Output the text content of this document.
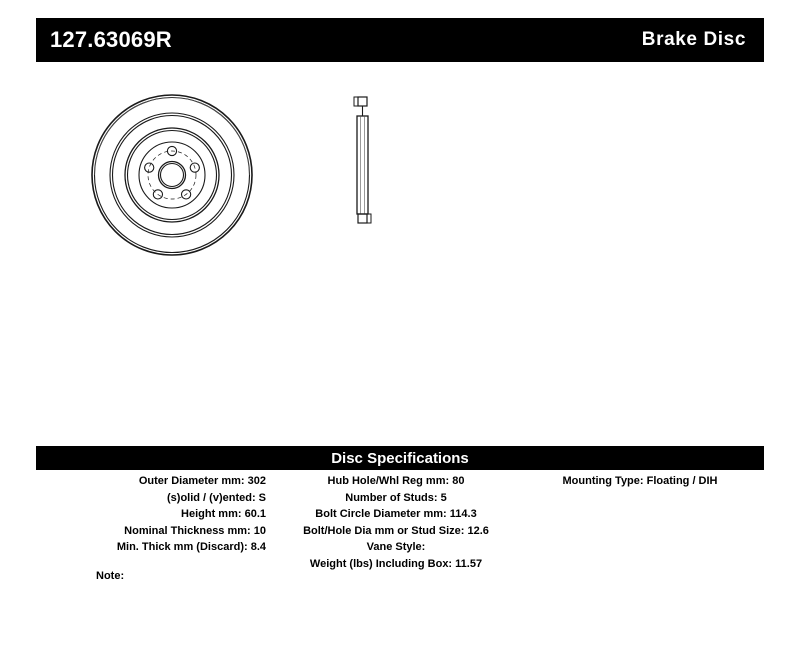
127.63069R	Brake Disc
Disc Specifications
Outer Diameter mm: 302
(s)olid / (v)ented: S
Height mm: 60.1
Nominal Thickness mm: 10
Min. Thick mm (Discard): 8.4
Hub Hole/Whl Reg mm: 80
Number of Studs: 5
Bolt Circle Diameter mm: 114.3
Bolt/Hole Dia mm or Stud Size: 12.6
Vane Style:
Weight (lbs) Including Box: 11.57
Mounting Type: Floating / DIH
Note:
